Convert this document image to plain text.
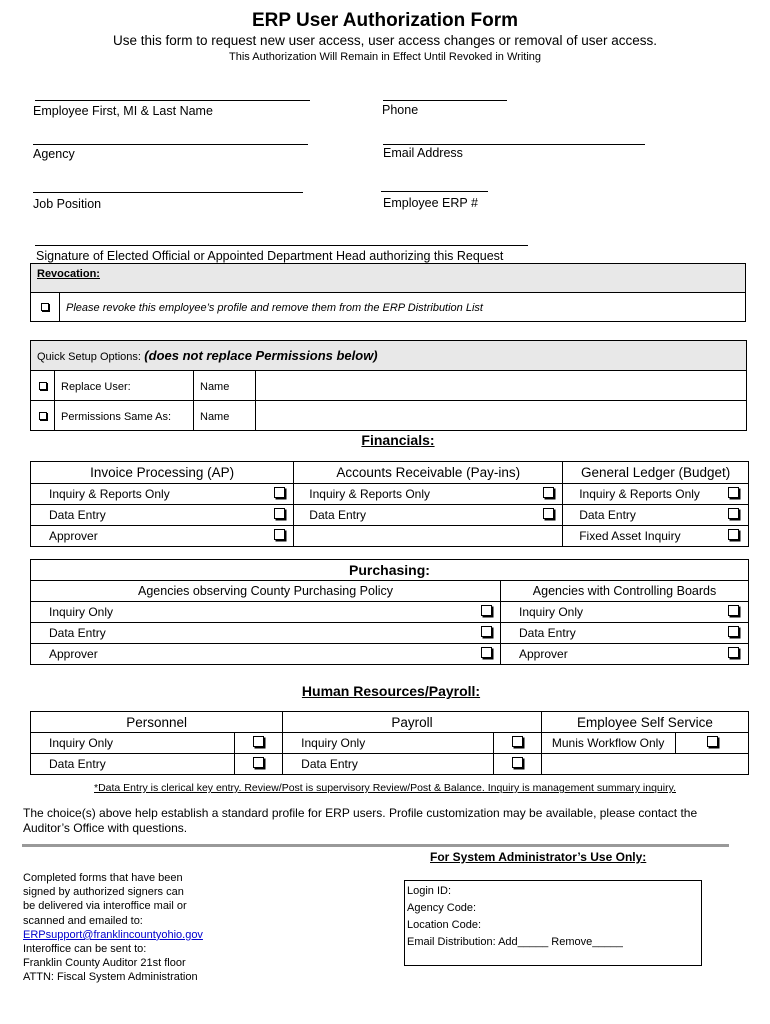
ERP User Authorization Form
Use this form to request new user access, user access changes or removal of user access.
This Authorization Will Remain in Effect Until Revoked in Writing
Employee First, MI & Last Name	Phone
Agency	Email Address
Job Position	Employee ERP #
Signature of Elected Official or Appointed Department Head authorizing this Request
Revocation:
	Please revoke this employee’s profile and remove them from the ERP Distribution List
Quick Setup Options: (does not replace Permissions below)			
	Replace User:	Name	
	Permissions Same As:	Name	
Financials:
Invoice Processing (AP)		Accounts Receivable (Pay-ins)		General Ledger (Budget)	
Inquiry & Reports Only		Inquiry & Reports Only		Inquiry & Reports Only	
Data Entry		Data Entry		Data Entry	
Approver				Fixed Asset Inquiry	
Purchasing:			
Agencies observing County Purchasing Policy		Agencies with Controlling Boards	
Inquiry Only		Inquiry Only	
Data Entry		Data Entry	
Approver		Approver	
Human Resources/Payroll:
Personnel		Payroll		Employee Self Service	
Inquiry Only		Inquiry Only		Munis Workflow Only	
Data Entry		Data Entry			
*Data Entry is clerical key entry. Review/Post is supervisory Review/Post & Balance. Inquiry is management summary inquiry.
The choice(s) above help establish a standard profile for ERP users. Profile customization may be available, please contact the Auditor’s Office with questions.
For System Administrator’s Use Only:
Completed forms that have been
signed by authorized signers can
be delivered via interoffice mail or
scanned and emailed to:
ERPsupport@franklincountyohio.gov
Interoffice can be sent to:
Franklin County Auditor 21st floor
ATTN: Fiscal System Administration
Login ID:
Agency Code:
Location Code:
Email Distribution: Add_____ Remove_____
